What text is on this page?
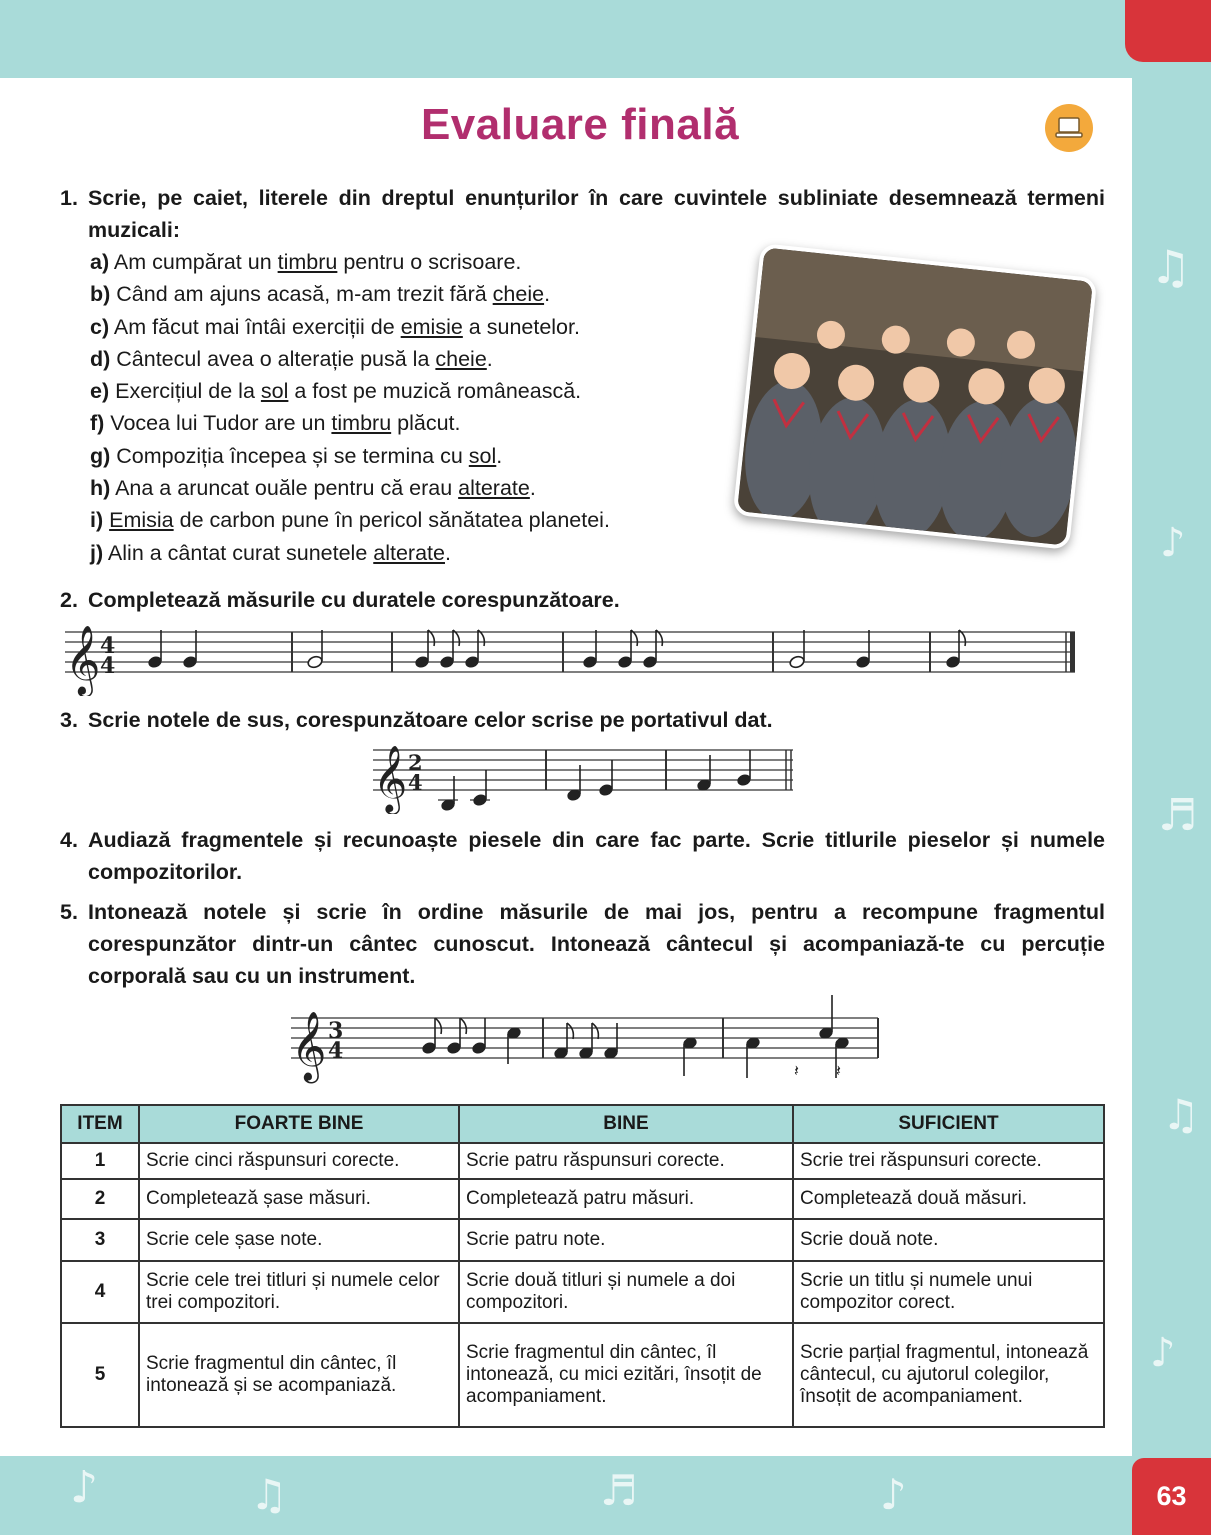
♫
♪
♬
♫
♪
♪	♫	♬	♪
Evaluare finală
1. Scrie, pe caiet, literele din dreptul enunțurilor în care cuvintele subliniate desemnează termeni muzicali:
a) Am cumpărat un timbru pentru o scrisoare.
b) Când am ajuns acasă, m-am trezit fără cheie.
c) Am făcut mai întâi exerciții de emisie a sunetelor.
d) Cântecul avea o alterație pusă la cheie.
e) Exercițiul de la sol a fost pe muzică românească.
f) Vocea lui Tudor are un timbru plăcut.
g) Compoziția începea și se termina cu sol.
h) Ana a aruncat ouăle pentru că erau alterate.
i) Emisia de carbon pune în pericol sănătatea planetei.
j) Alin a cântat curat sunetele alterate.
2. Completează măsurile cu duratele corespunzătoare.
𝄞 4
4
3. Scrie notele de sus, corespunzătoare celor scrise pe portativul dat.
𝄞 2
4
4. Audiază fragmentele și recunoaște piesele din care fac parte. Scrie titlurile pieselor și numele compozitorilor.
5. Intonează notele și scrie în ordine măsurile de mai jos, pentru a recompune fragmentul corespunzător dintr-un cântec cunoscut. Intonează cântecul și acompaniază-te cu percuție corporală sau cu un instrument.
𝄞 3
4
𝄽 𝄽
ITEM	FOARTE BINE	BINE	SUFICIENT
1	Scrie cinci răspunsuri corecte.	Scrie patru răspunsuri corecte.	Scrie trei răspunsuri corecte.
2	Completează șase măsuri.	Completează patru măsuri.	Completează două măsuri.
3	Scrie cele șase note.	Scrie patru note.	Scrie două note.
4	Scrie cele trei titluri și numele celor trei compozitori.	Scrie două titluri și numele a doi compozitori.	Scrie un titlu și numele unui compozitor corect.
5	Scrie fragmentul din cântec, îl intonează și se acompaniază.	Scrie fragmentul din cântec, îl intonează, cu mici ezitări, însoțit de acompaniament.	Scrie parțial fragmentul, intonează cântecul, cu ajutorul colegilor, însoțit de acompaniament.
63
